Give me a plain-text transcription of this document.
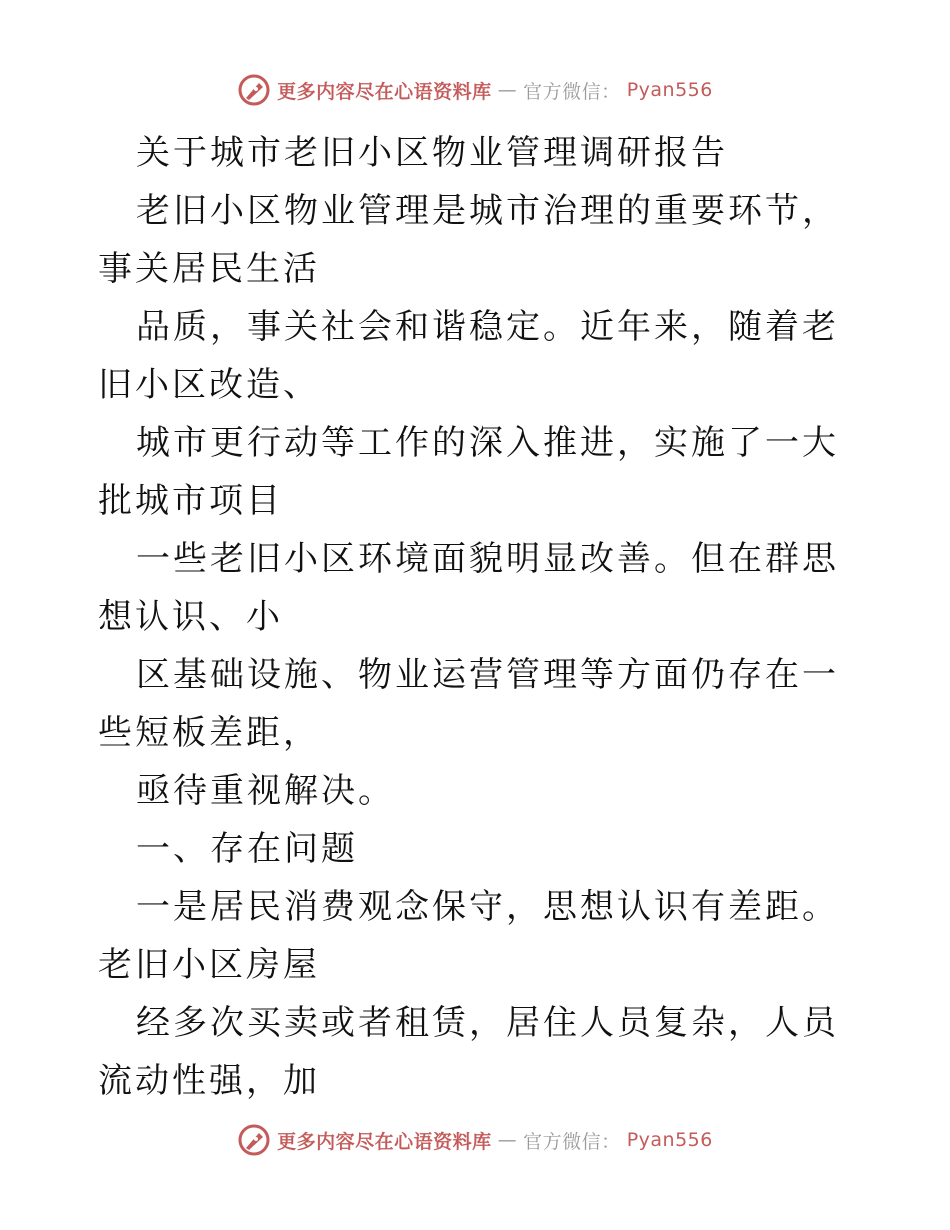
更多内容尽在心语资料库 — 官方微信： Pyan556

关于城市老旧小区物业管理调研报告

老旧小区物业管理是城市治理的重要环节，事关居民生活

品质，事关社会和谐稳定。近年来，随着老旧小区改造、

城市更行动等工作的深入推进，实施了一大批城市项目

一些老旧小区环境面貌明显改善。但在群思想认识、小

区基础设施、物业运营管理等方面仍存在一些短板差距，

亟待重视解决。

一、存在问题

一是居民消费观念保守，思想认识有差距。老旧小区房屋

经多次买卖或者租赁，居住人员复杂，人员流动性强，加

更多内容尽在心语资料库 — 官方微信： Pyan556
